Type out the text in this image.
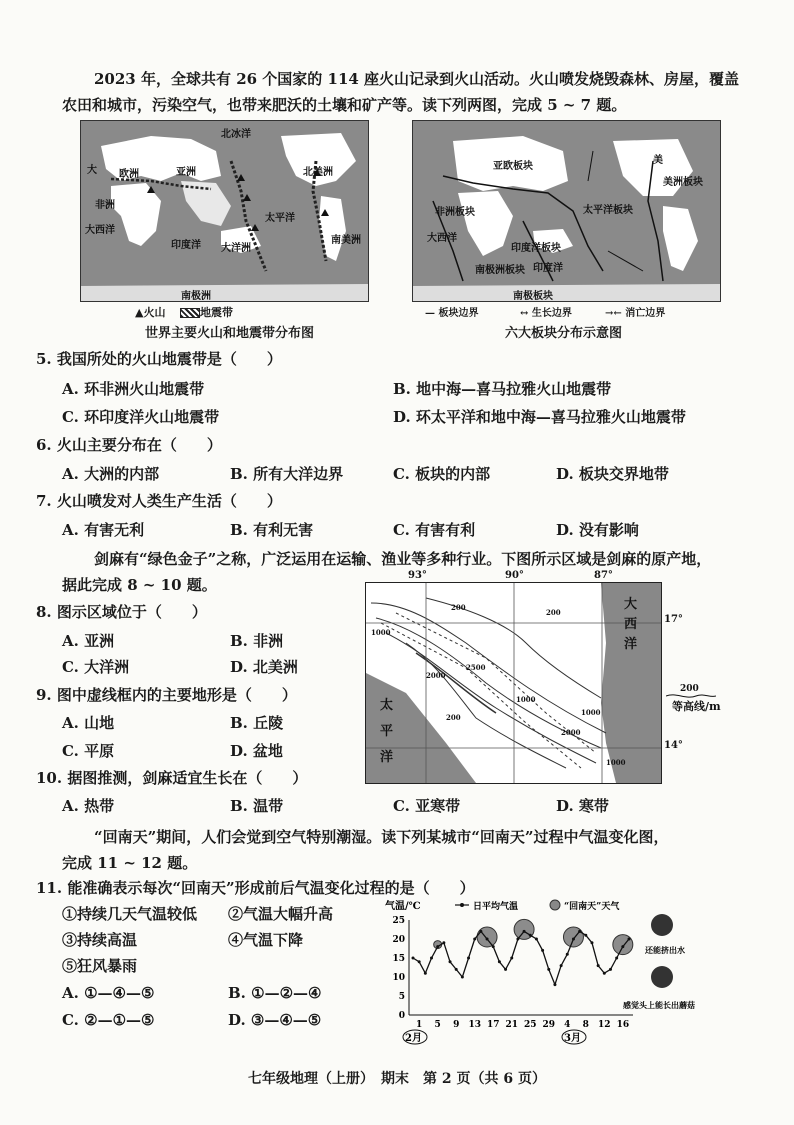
2023 年，全球共有 26 个国家的 114 座火山记录到火山活动。火山喷发烧毁森林、房屋，覆盖农田和城市，污染空气，也带来肥沃的土壤和矿产等。读下列两图，完成 5 ~ 7 题。
北冰洋
亚洲	北美洲
欧洲
大
非洲
太平洋
南美洲
大西洋
印度洋 大洋洲
南极洲
▲火山	地震带
世界主要火山和地震带分布图
美
亚欧板块
美洲板块
太平洋板块
非洲板块
印度洋板块
南极洲板块
大西洋
印度洋
南极板块
— 板块边界	↔ 生长边界	→← 消亡边界
六大板块分布示意图
5. 我国所处的火山地震带是（　　）
A. 环非洲火山地震带	B. 地中海—喜马拉雅火山地震带
C. 环印度洋火山地震带	D. 环太平洋和地中海—喜马拉雅火山地震带
6. 火山主要分布在（　　）
A. 大洲的内部	B. 所有大洋边界	C. 板块的内部	D. 板块交界地带
7. 火山喷发对人类生产生活（　　）
A. 有害无利	B. 有利无害	C. 有害有利	D. 没有影响
剑麻有“绿色金子”之称，广泛运用在运输、渔业等多种行业。下图所示区域是剑麻的原产地，
据此完成 8 ~ 10 题。
8. 图示区域位于（　　）
A. 亚洲	B. 非洲
C. 大洋洲	D. 北美洲
9. 图中虚线框内的主要地形是（　　）
A. 山地	B. 丘陵
C. 平原	D. 盆地
10. 据图推测，剑麻适宜生长在（　　）
A. 热带	B. 温带	C. 亚寒带	D. 寒带
大
西
洋
太
平
洋
200
1000
2000
2500
200
1000
2000
1000
200
1000
93°	90°	87°
17°
14°
200
等高线/m
“回南天”期间，人们会觉到空气特别潮湿。读下列某城市“回南天”过程中气温变化图，
完成 11 ~ 12 题。
11. 能准确表示每次“回南天”形成前后气温变化过程的是（　　）
①持续几天气温较低 ②气温大幅升高
③持续高温	④气温下降
⑤狂风暴雨
A. ①—④—⑤	B. ①—②—④
C. ②—①—⑤	D. ③—④—⑤
气温/℃	日平均气温	“回南天”天气
0
5
10
15
20
25
1 5 9 13 17 21 25 29 4 8 12 16
2月	3月
还能挤出水
感觉头上能长出蘑菇
七年级地理（上册）　期末　第 2 页（共 6 页）
